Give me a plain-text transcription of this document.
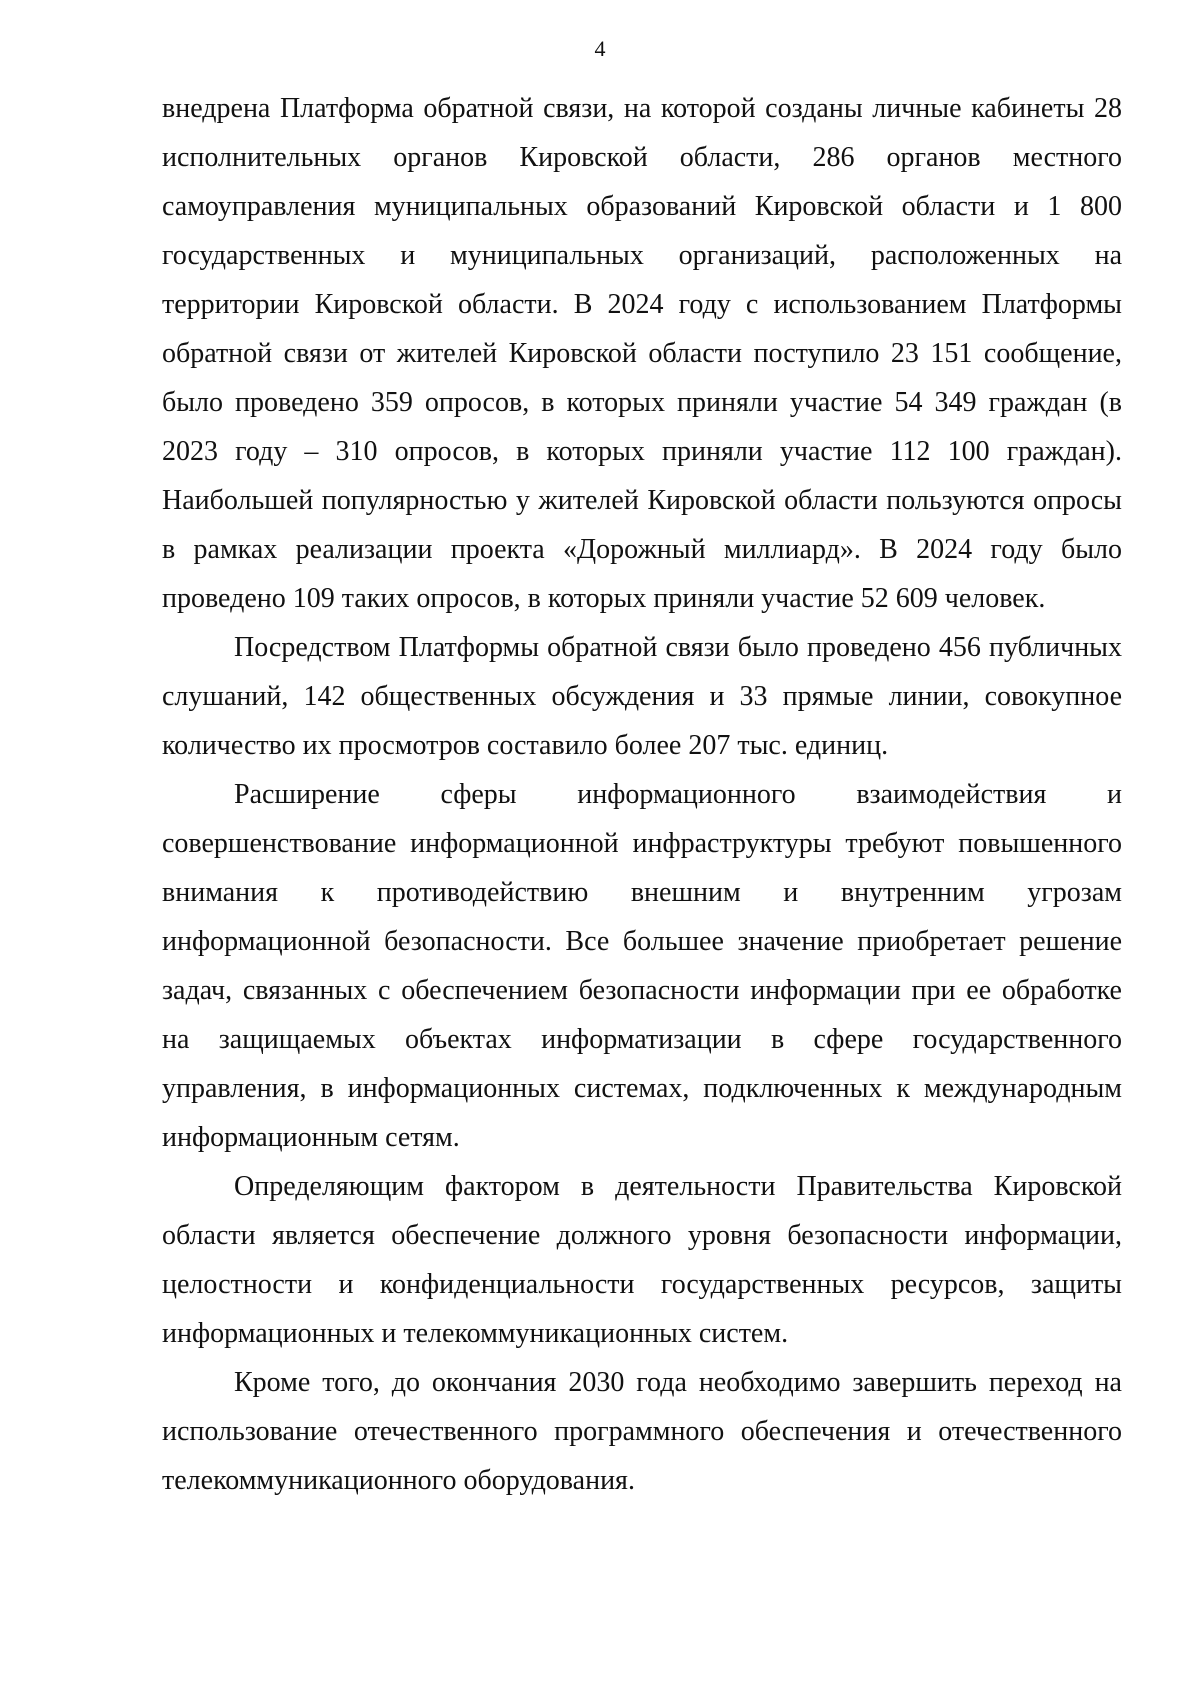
4

внедрена Платформа обратной связи, на которой созданы личные кабинеты 28 исполнительных органов Кировской области, 286 органов местного самоуправления муниципальных образований Кировской области и 1 800 государственных и муниципальных организаций, расположенных на территории Кировской области. В 2024 году с использованием Платформы обратной связи от жителей Кировской области поступило 23 151 сообщение, было проведено 359 опросов, в которых приняли участие 54 349 граждан (в 2023 году – 310 опросов, в которых приняли участие 112 100 граждан). Наибольшей популярностью у жителей Кировской области пользуются опросы в рамках реализации проекта «Дорожный миллиард». В 2024 году было проведено 109 таких опросов, в которых приняли участие 52 609 человек.

Посредством Платформы обратной связи было проведено 456 публичных слушаний, 142 общественных обсуждения и 33 прямые линии, совокупное количество их просмотров составило более 207 тыс. единиц.

Расширение сферы информационного взаимодействия и совершенствование информационной инфраструктуры требуют повышенного внимания к противодействию внешним и внутренним угрозам информационной безопасности. Все большее значение приобретает решение задач, связанных с обеспечением безопасности информации при ее обработке на защищаемых объектах информатизации в сфере государственного управления, в информационных системах, подключенных к международным информационным сетям.

Определяющим фактором в деятельности Правительства Кировской области является обеспечение должного уровня безопасности информации, целостности и конфиденциальности государственных ресурсов, защиты информационных и телекоммуникационных систем.

Кроме того, до окончания 2030 года необходимо завершить переход на использование отечественного программного обеспечения и отечественного телекоммуникационного оборудования.
